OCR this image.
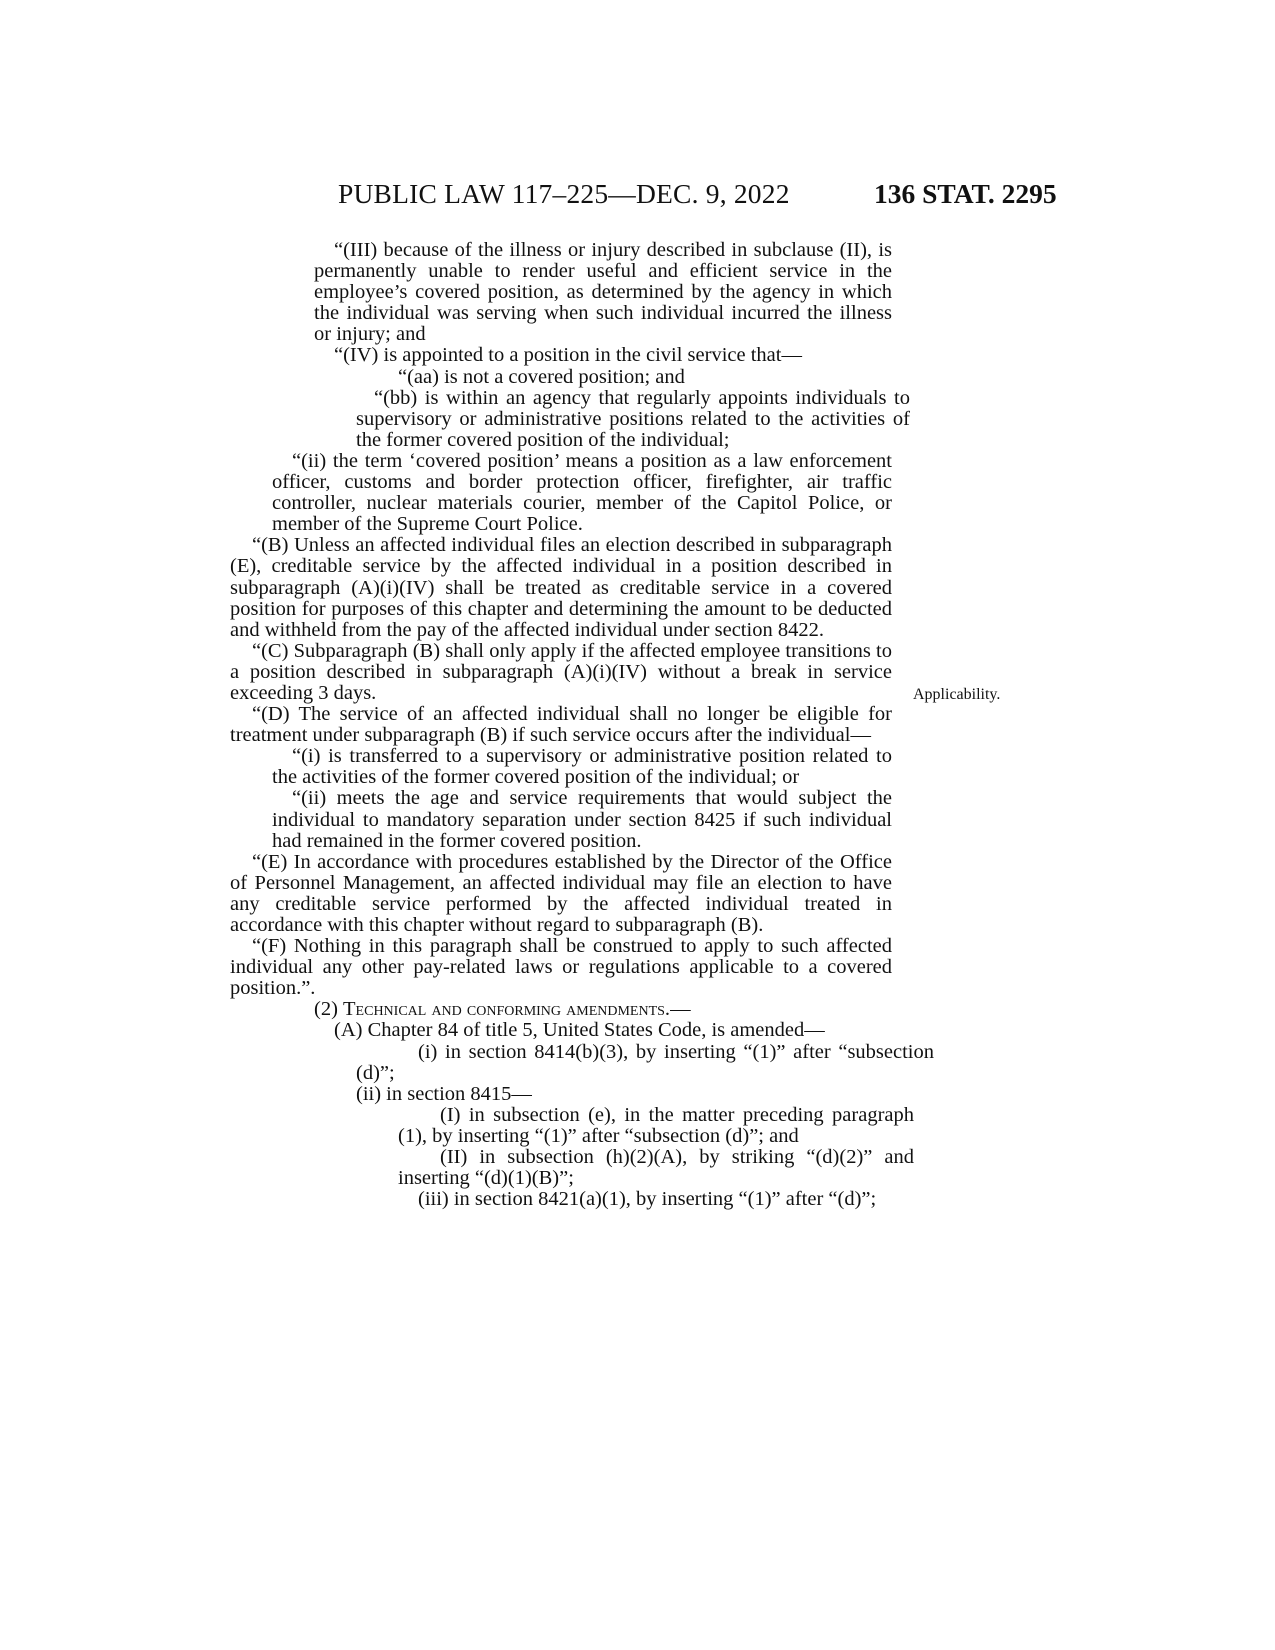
PUBLIC LAW 117–225—DEC. 9, 2022	136 STAT. 2295
Applicability.

“(III) because of the illness or injury described in subclause (II), is permanently unable to render useful and efficient service in the employee’s covered position, as determined by the agency in which the individual was serving when such individual incurred the illness or injury; and

“(IV) is appointed to a position in the civil service that—

“(aa) is not a covered position; and

“(bb) is within an agency that regularly appoints individuals to supervisory or administrative positions related to the activities of the former covered position of the individual;

“(ii) the term ‘covered position’ means a position as a law enforcement officer, customs and border protection officer, firefighter, air traffic controller, nuclear materials courier, member of the Capitol Police, or member of the Supreme Court Police.

“(B) Unless an affected individual files an election described in subparagraph (E), creditable service by the affected individual in a position described in subparagraph (A)(i)(IV) shall be treated as creditable service in a covered position for purposes of this chapter and determining the amount to be deducted and withheld from the pay of the affected individual under section 8422.

“(C) Subparagraph (B) shall only apply if the affected employee transitions to a position described in subparagraph (A)(i)(IV) without a break in service exceeding 3 days.

“(D) The service of an affected individual shall no longer be eligible for treatment under subparagraph (B) if such service occurs after the individual—

“(i) is transferred to a supervisory or administrative position related to the activities of the former covered position of the individual; or

“(ii) meets the age and service requirements that would subject the individual to mandatory separation under section 8425 if such individual had remained in the former covered position.

“(E) In accordance with procedures established by the Director of the Office of Personnel Management, an affected individual may file an election to have any creditable service performed by the affected individual treated in accordance with this chapter without regard to subparagraph (B).

“(F) Nothing in this paragraph shall be construed to apply to such affected individual any other pay-related laws or regulations applicable to a covered position.”.

(2) Technical and conforming amendments.—

(A) Chapter 84 of title 5, United States Code, is amended—

(i) in section 8414(b)(3), by inserting “(1)” after “subsection (d)”;

(ii) in section 8415—

(I) in subsection (e), in the matter preceding paragraph (1), by inserting “(1)” after “subsection (d)”; and

(II) in subsection (h)(2)(A), by striking “(d)(2)” and inserting “(d)(1)(B)”;

(iii) in section 8421(a)(1), by inserting “(1)” after “(d)”;
